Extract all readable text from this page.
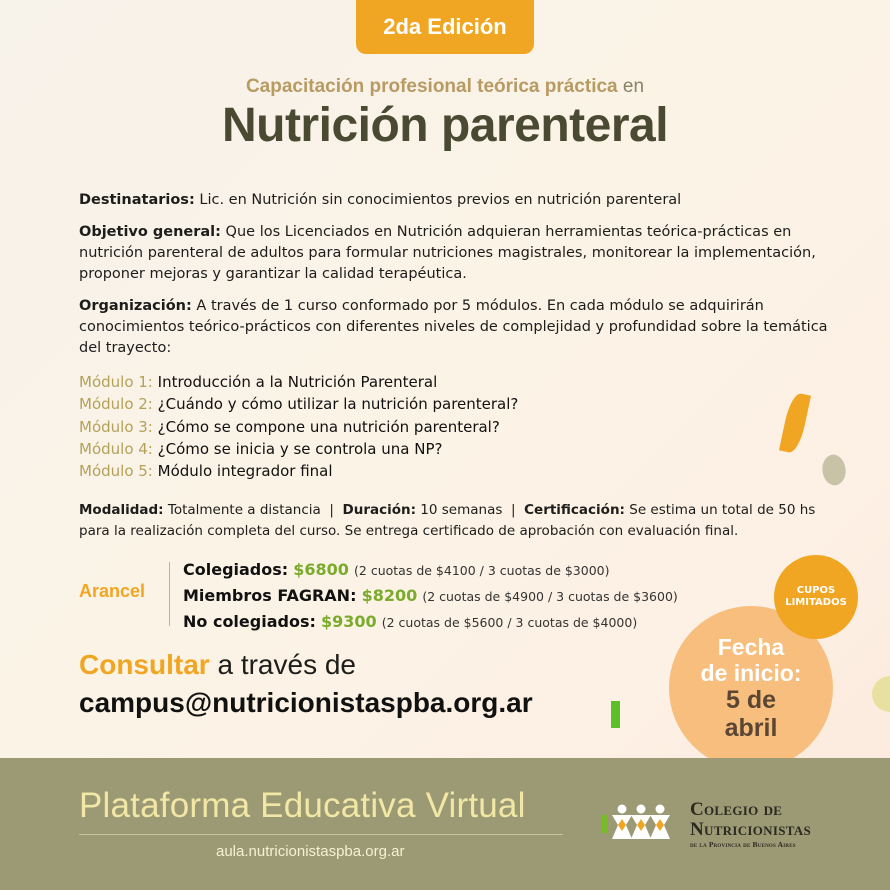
2da Edición
Capacitación profesional teórica práctica en
Nutrición parenteral
Destinatarios: Lic. en Nutrición sin conocimientos previos en nutrición parenteral
Objetivo general: Que los Licenciados en Nutrición adquieran herramientas teórica-prácticas en nutrición parenteral de adultos para formular nutriciones magistrales, monitorear la implementación, proponer mejoras y garantizar la calidad terapéutica.
Organización: A través de 1 curso conformado por 5 módulos. En cada módulo se adquirirán conocimientos teórico-prácticos con diferentes niveles de complejidad y profundidad sobre la temática del trayecto:
Módulo 1: Introducción a la Nutrición Parenteral
Módulo 2: ¿Cuándo y cómo utilizar la nutrición parenteral?
Módulo 3: ¿Cómo se compone una nutrición parenteral?
Módulo 4: ¿Cómo se inicia y se controla una NP?
Módulo 5: Módulo integrador final
Modalidad: Totalmente a distancia  |  Duración: 10 semanas  |  Certificación: Se estima un total de 50 hs para la realización completa del curso. Se entrega certificado de aprobación con evaluación final.
Arancel
Colegiados: $6800 (2 cuotas de $4100 / 3 cuotas de $3000)
Miembros FAGRAN: $8200 (2 cuotas de $4900 / 3 cuotas de $3600)
No colegiados: $9300 (2 cuotas de $5600 / 3 cuotas de $4000)
Consultar a través de
campus@nutricionistaspba.org.ar
Fecha
de inicio:
5 de
abril
CUPOS
LIMITADOS
Plataforma Educativa Virtual
aula.nutricionistaspba.org.ar
Colegio de
Nutricionistas
de la Provincia de Buenos Aires
